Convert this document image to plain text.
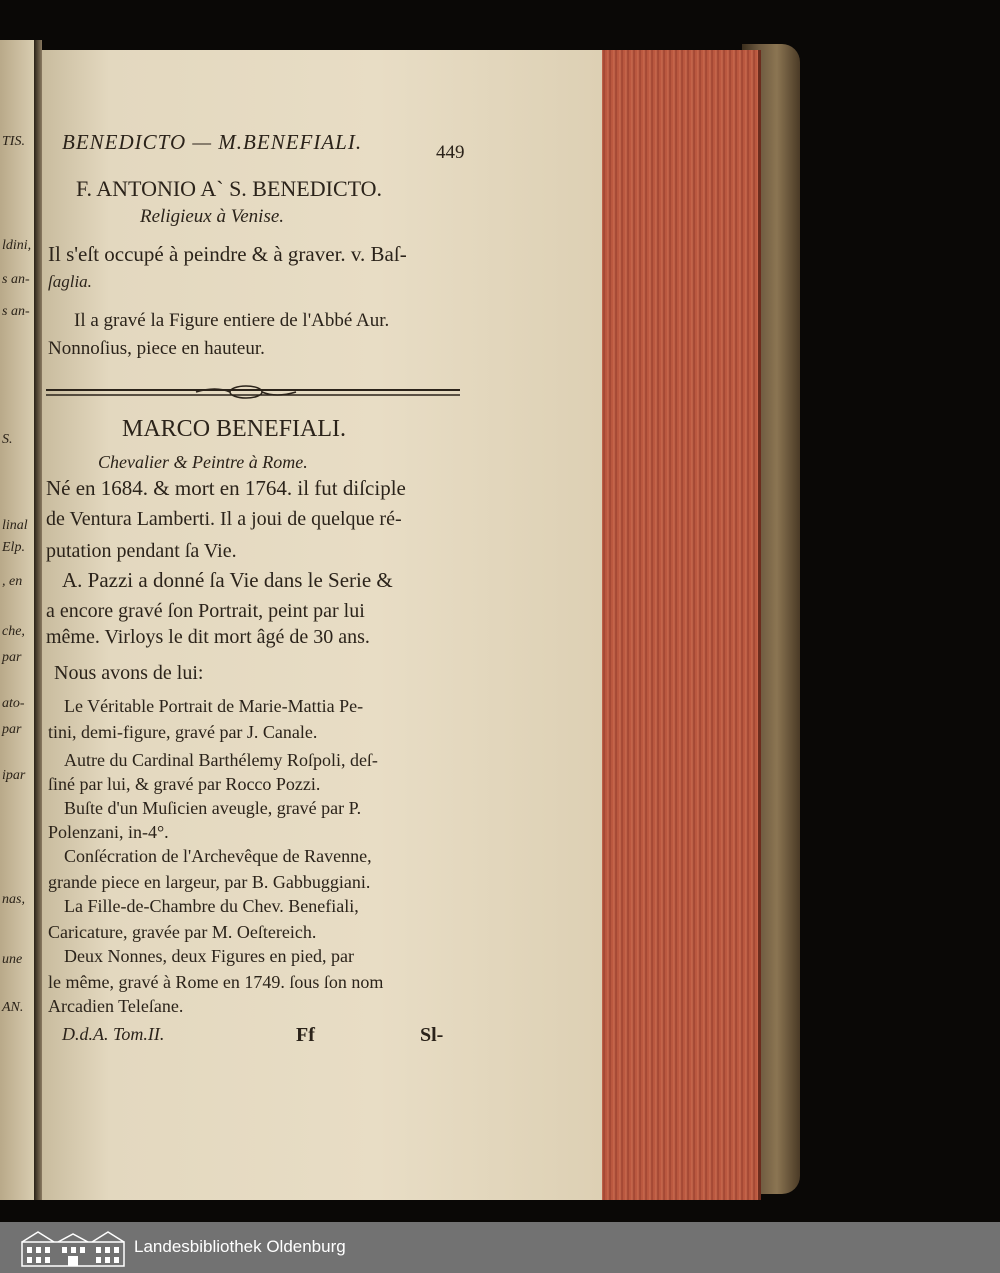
TIS.
ldini,
s an-
s an-
S.
linal
Elp.
, en
che,
par
ato-
par
ipar
nas,
une
AN.
BENEDICTO — M.BENEFIALI.	449
F. ANTONIO A` S. BENEDICTO.
Religieux à Venise.
Il s'eſt occupé à peindre & à graver. v. Baſ-
ſaglia.
Il a gravé la Figure entiere de l'Abbé Aur.
Nonnoſius, piece en hauteur.
MARCO BENEFIALI.
Chevalier & Peintre à Rome.
Né en 1684. & mort en 1764. il fut diſciple
de Ventura Lamberti. Il a joui de quelque ré-
putation pendant ſa Vie.
A. Pazzi a donné ſa Vie dans le Serie &
a encore gravé ſon Portrait, peint par lui
même. Virloys le dit mort âgé de 30 ans.
Nous avons de lui:
Le Véritable Portrait de Marie-Mattia Pe-
tini, demi-figure, gravé par J. Canale.
Autre du Cardinal Barthélemy Roſpoli, deſ-
ſiné par lui, & gravé par Rocco Pozzi.
Buſte d'un Muſicien aveugle, gravé par P.
Polenzani, in-4°.
Conſécration de l'Archevêque de Ravenne,
grande piece en largeur, par B. Gabbuggiani.
La Fille-de-Chambre du Chev. Benefiali,
Caricature, gravée par M. Oeſtereich.
Deux Nonnes, deux Figures en pied, par
le même, gravé à Rome en 1749. ſous ſon nom
Arcadien Teleſane.
D.d.A. Tom.II.	Ff	Sl-
Landesbibliothek Oldenburg
